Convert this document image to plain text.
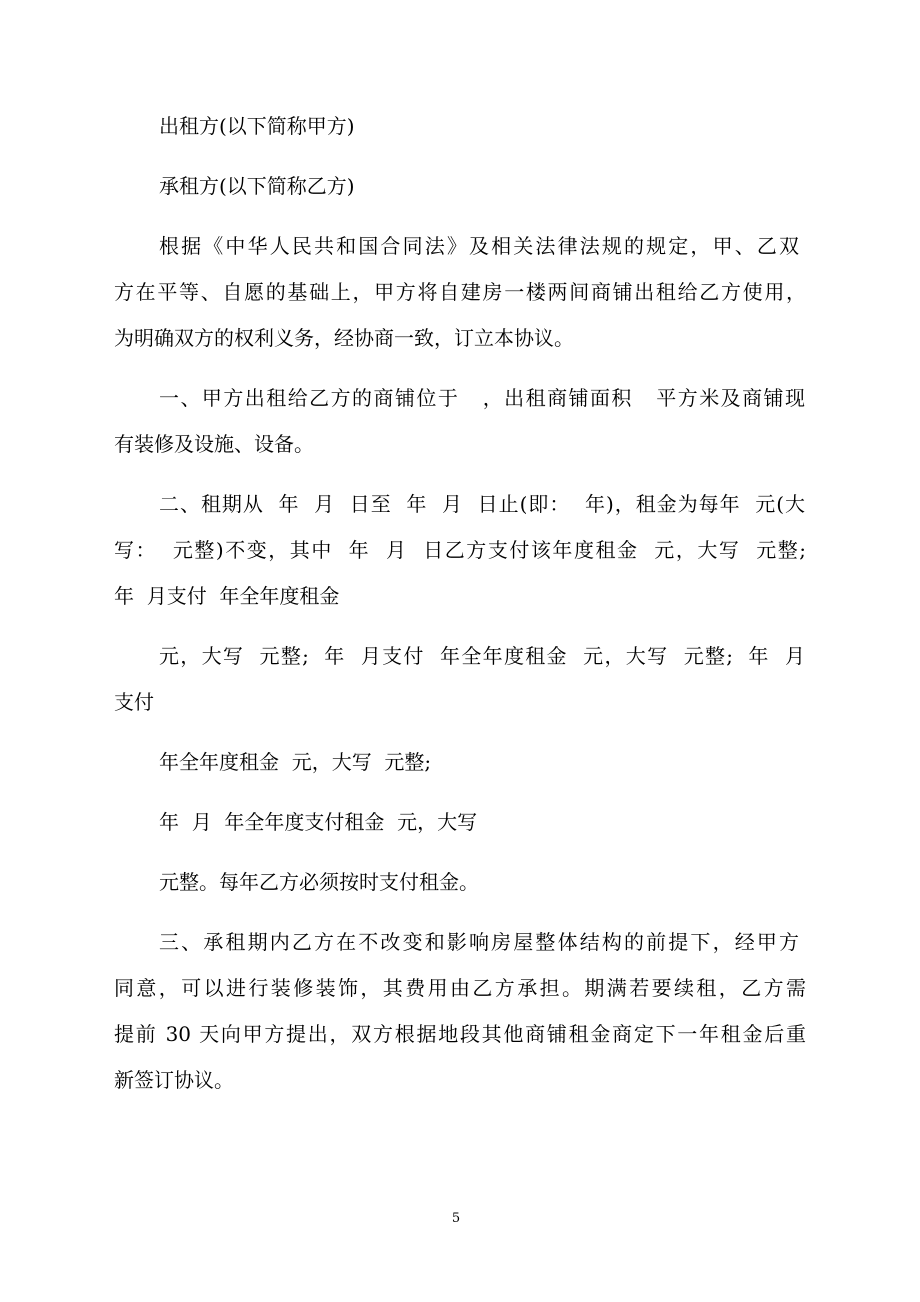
出租方(以下简称甲方)

承租方(以下简称乙方)

根据《中华人民共和国合同法》及相关法律法规的规定，甲、乙双

方在平等、自愿的基础上，甲方将自建房一楼两间商铺出租给乙方使用，

为明确双方的权利义务，经协商一致，订立本协议。

一、甲方出租给乙方的商铺位于   ，出租商铺面积   平方米及商铺现

有装修及设施、设备。

二、租期从  年  月  日至  年  月  日止(即：  年)，租金为每年  元(大

写：  元整)不变，其中  年  月  日乙方支付该年度租金  元，大写  元整;

年  月支付  年全年度租金

元，大写  元整;  年  月支付  年全年度租金  元，大写  元整;  年  月

支付

年全年度租金  元，大写  元整;

年  月  年全年度支付租金  元，大写

元整。每年乙方必须按时支付租金。

三、承租期内乙方在不改变和影响房屋整体结构的前提下，经甲方

同意，可以进行装修装饰，其费用由乙方承担。期满若要续租，乙方需

提前 30 天向甲方提出，双方根据地段其他商铺租金商定下一年租金后重

新签订协议。

5
